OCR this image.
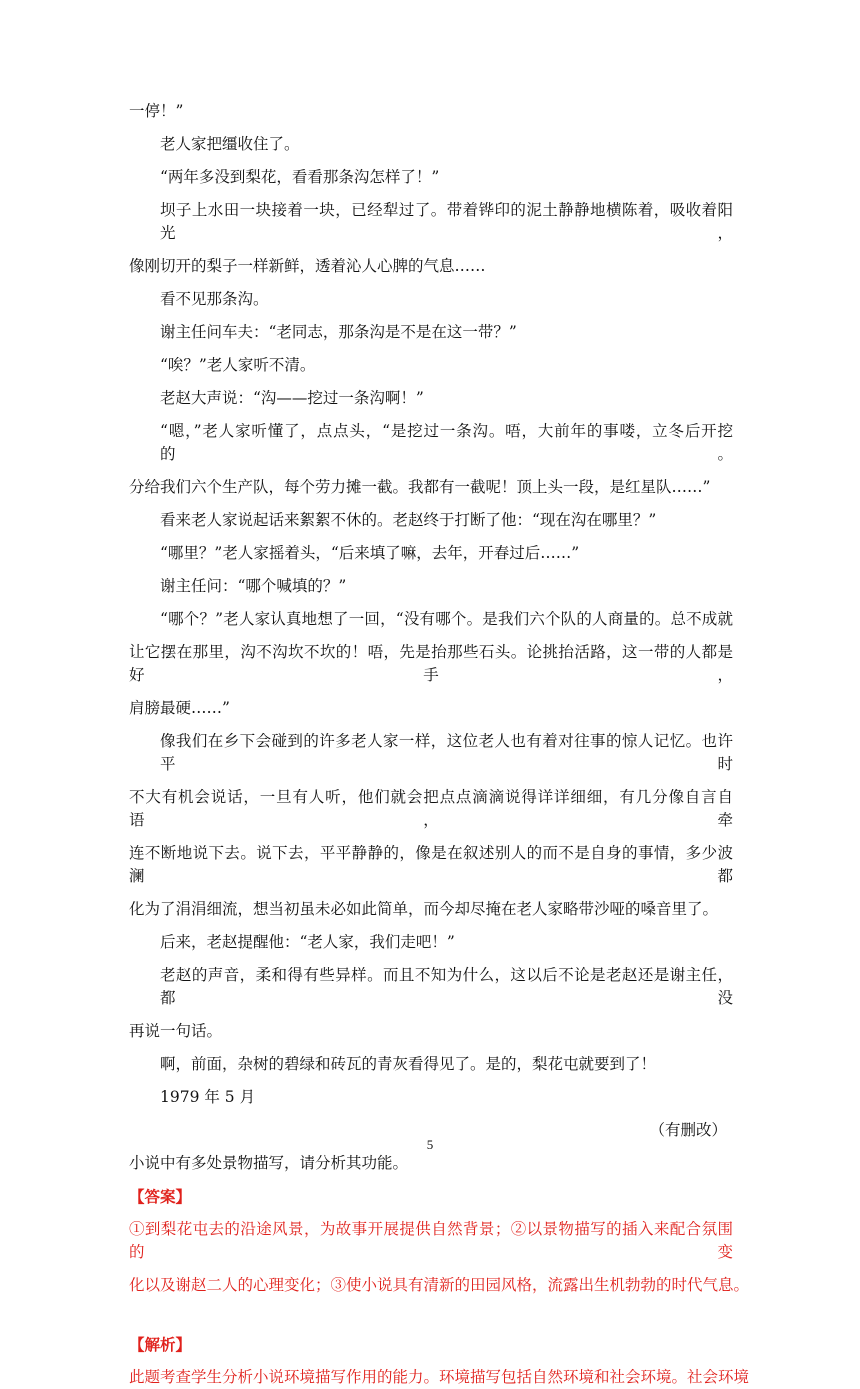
一停！”

老人家把缰收住了。

“两年多没到梨花，看看那条沟怎样了！”

坝子上水田一块接着一块，已经犁过了。带着铧印的泥土静静地横陈着，吸收着阳光，

像刚切开的梨子一样新鲜，透着沁人心脾的气息……

看不见那条沟。

谢主任问车夫：“老同志，那条沟是不是在这一带？”

“唉？”老人家听不清。

老赵大声说：“沟——挖过一条沟啊！”

“嗯，”老人家听懂了，点点头，“是挖过一条沟。唔，大前年的事喽，立冬后开挖的。

分给我们六个生产队，每个劳力摊一截。我都有一截呢！顶上头一段，是红星队……”

看来老人家说起话来絮絮不休的。老赵终于打断了他：“现在沟在哪里？”

“哪里？”老人家摇着头，“后来填了嘛，去年，开春过后……”

谢主任问：“哪个喊填的？”

“哪个？”老人家认真地想了一回，“没有哪个。是我们六个队的人商量的。总不成就

让它摆在那里，沟不沟坎不坎的！唔，先是抬那些石头。论挑抬活路，这一带的人都是好手，

肩膀最硬……”

像我们在乡下会碰到的许多老人家一样，这位老人也有着对往事的惊人记忆。也许平时

不大有机会说话，一旦有人听，他们就会把点点滴滴说得详详细细，有几分像自言自语，牵

连不断地说下去。说下去，平平静静的，像是在叙述别人的而不是自身的事情，多少波澜都

化为了涓涓细流，想当初虽未必如此简单，而今却尽掩在老人家略带沙哑的嗓音里了。

后来，老赵提醒他：“老人家，我们走吧！”

老赵的声音，柔和得有些异样。而且不知为什么，这以后不论是老赵还是谢主任，都没

再说一句话。

啊，前面，杂树的碧绿和砖瓦的青灰看得见了。是的，梨花屯就要到了！

1979 年 5 月

（有删改）

小说中有多处景物描写，请分析其功能。

【答案】

①到梨花屯去的沿途风景，为故事开展提供自然背景；②以景物描写的插入来配合氛围的变

化以及谢赵二人的心理变化；③使小说具有清新的田园风格，流露出生机勃勃的时代气息。

【解析】

此题考查学生分析小说环境描写作用的能力。环境描写包括自然环境和社会环境。社会环境

5
